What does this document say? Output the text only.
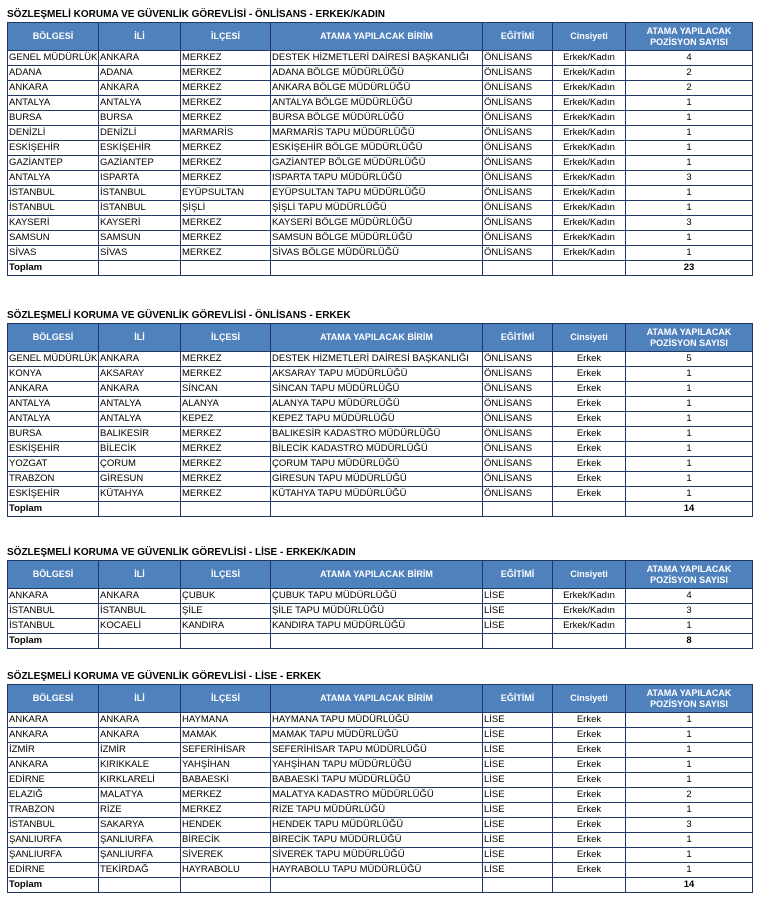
SÖZLEŞMELİ KORUMA VE GÜVENLİK GÖREVLİSİ - ÖNLİSANS - ERKEK/KADIN
BÖLGESİ	İLİ	İLÇESİ	ATAMA YAPILACAK BİRİM	EĞİTİMİ	Cinsiyeti	ATAMA YAPILACAK POZİSYON SAYISI
GENEL MÜDÜRLÜK	ANKARA	MERKEZ	DESTEK HİZMETLERİ DAİRESİ BAŞKANLIĞI	ÖNLİSANS	Erkek/Kadın	4
ADANA	ADANA	MERKEZ	ADANA BÖLGE MÜDÜRLÜĞÜ	ÖNLİSANS	Erkek/Kadın	2
ANKARA	ANKARA	MERKEZ	ANKARA BÖLGE MÜDÜRLÜĞÜ	ÖNLİSANS	Erkek/Kadın	2
ANTALYA	ANTALYA	MERKEZ	ANTALYA BÖLGE MÜDÜRLÜĞÜ	ÖNLİSANS	Erkek/Kadın	1
BURSA	BURSA	MERKEZ	BURSA BÖLGE MÜDÜRLÜĞÜ	ÖNLİSANS	Erkek/Kadın	1
DENİZLİ	DENİZLİ	MARMARİS	MARMARİS TAPU MÜDÜRLÜĞÜ	ÖNLİSANS	Erkek/Kadın	1
ESKİŞEHİR	ESKİŞEHİR	MERKEZ	ESKİŞEHİR BÖLGE MÜDÜRLÜĞÜ	ÖNLİSANS	Erkek/Kadın	1
GAZİANTEP	GAZİANTEP	MERKEZ	GAZİANTEP BÖLGE MÜDÜRLÜĞÜ	ÖNLİSANS	Erkek/Kadın	1
ANTALYA	ISPARTA	MERKEZ	ISPARTA TAPU MÜDÜRLÜĞÜ	ÖNLİSANS	Erkek/Kadın	3
İSTANBUL	İSTANBUL	EYÜPSULTAN	EYÜPSULTAN TAPU MÜDÜRLÜĞÜ	ÖNLİSANS	Erkek/Kadın	1
İSTANBUL	İSTANBUL	ŞİŞLİ	ŞİŞLİ TAPU MÜDÜRLÜĞÜ	ÖNLİSANS	Erkek/Kadın	1
KAYSERİ	KAYSERİ	MERKEZ	KAYSERİ BÖLGE MÜDÜRLÜĞÜ	ÖNLİSANS	Erkek/Kadın	3
SAMSUN	SAMSUN	MERKEZ	SAMSUN BÖLGE MÜDÜRLÜĞÜ	ÖNLİSANS	Erkek/Kadın	1
SİVAS	SİVAS	MERKEZ	SİVAS BÖLGE MÜDÜRLÜĞÜ	ÖNLİSANS	Erkek/Kadın	1
Toplam						23
SÖZLEŞMELİ KORUMA VE GÜVENLİK GÖREVLİSİ - ÖNLİSANS - ERKEK
BÖLGESİ	İLİ	İLÇESİ	ATAMA YAPILACAK BİRİM	EĞİTİMİ	Cinsiyeti	ATAMA YAPILACAK POZİSYON SAYISI
GENEL MÜDÜRLÜK	ANKARA	MERKEZ	DESTEK HİZMETLERİ DAİRESİ BAŞKANLIĞI	ÖNLİSANS	Erkek	5
KONYA	AKSARAY	MERKEZ	AKSARAY TAPU MÜDÜRLÜĞÜ	ÖNLİSANS	Erkek	1
ANKARA	ANKARA	SİNCAN	SİNCAN TAPU MÜDÜRLÜĞÜ	ÖNLİSANS	Erkek	1
ANTALYA	ANTALYA	ALANYA	ALANYA TAPU MÜDÜRLÜĞÜ	ÖNLİSANS	Erkek	1
ANTALYA	ANTALYA	KEPEZ	KEPEZ TAPU MÜDÜRLÜĞÜ	ÖNLİSANS	Erkek	1
BURSA	BALIKESİR	MERKEZ	BALIKESİR KADASTRO MÜDÜRLÜĞÜ	ÖNLİSANS	Erkek	1
ESKİŞEHİR	BİLECİK	MERKEZ	BİLECİK KADASTRO MÜDÜRLÜĞÜ	ÖNLİSANS	Erkek	1
YOZGAT	ÇORUM	MERKEZ	ÇORUM TAPU MÜDÜRLÜĞÜ	ÖNLİSANS	Erkek	1
TRABZON	GİRESUN	MERKEZ	GİRESUN TAPU MÜDÜRLÜĞÜ	ÖNLİSANS	Erkek	1
ESKİŞEHİR	KÜTAHYA	MERKEZ	KÜTAHYA TAPU MÜDÜRLÜĞÜ	ÖNLİSANS	Erkek	1
Toplam						14
SÖZLEŞMELİ KORUMA VE GÜVENLİK GÖREVLİSİ - LİSE - ERKEK/KADIN
BÖLGESİ	İLİ	İLÇESİ	ATAMA YAPILACAK BİRİM	EĞİTİMİ	Cinsiyeti	ATAMA YAPILACAK POZİSYON SAYISI
ANKARA	ANKARA	ÇUBUK	ÇUBUK TAPU MÜDÜRLÜĞÜ	LİSE	Erkek/Kadın	4
İSTANBUL	İSTANBUL	ŞİLE	ŞİLE TAPU MÜDÜRLÜĞÜ	LİSE	Erkek/Kadın	3
İSTANBUL	KOCAELİ	KANDIRA	KANDIRA TAPU MÜDÜRLÜĞÜ	LİSE	Erkek/Kadın	1
Toplam						8
SÖZLEŞMELİ KORUMA VE GÜVENLİK GÖREVLİSİ - LİSE - ERKEK
BÖLGESİ	İLİ	İLÇESİ	ATAMA YAPILACAK BİRİM	EĞİTİMİ	Cinsiyeti	ATAMA YAPILACAK POZİSYON SAYISI
ANKARA	ANKARA	HAYMANA	HAYMANA TAPU MÜDÜRLÜĞÜ	LİSE	Erkek	1
ANKARA	ANKARA	MAMAK	MAMAK TAPU MÜDÜRLÜĞÜ	LİSE	Erkek	1
İZMİR	İZMİR	SEFERİHİSAR	SEFERİHİSAR TAPU MÜDÜRLÜĞÜ	LİSE	Erkek	1
ANKARA	KIRIKKALE	YAHŞİHAN	YAHŞİHAN TAPU MÜDÜRLÜĞÜ	LİSE	Erkek	1
EDİRNE	KIRKLARELİ	BABAESKİ	BABAESKİ TAPU MÜDÜRLÜĞÜ	LİSE	Erkek	1
ELAZIĞ	MALATYA	MERKEZ	MALATYA KADASTRO MÜDÜRLÜĞÜ	LİSE	Erkek	2
TRABZON	RİZE	MERKEZ	RİZE TAPU MÜDÜRLÜĞÜ	LİSE	Erkek	1
İSTANBUL	SAKARYA	HENDEK	HENDEK TAPU MÜDÜRLÜĞÜ	LİSE	Erkek	3
ŞANLIURFA	ŞANLIURFA	BİRECİK	BİRECİK TAPU MÜDÜRLÜĞÜ	LİSE	Erkek	1
ŞANLIURFA	ŞANLIURFA	SİVEREK	SİVEREK TAPU MÜDÜRLÜĞÜ	LİSE	Erkek	1
EDİRNE	TEKİRDAĞ	HAYRABOLU	HAYRABOLU TAPU MÜDÜRLÜĞÜ	LİSE	Erkek	1
Toplam						14
